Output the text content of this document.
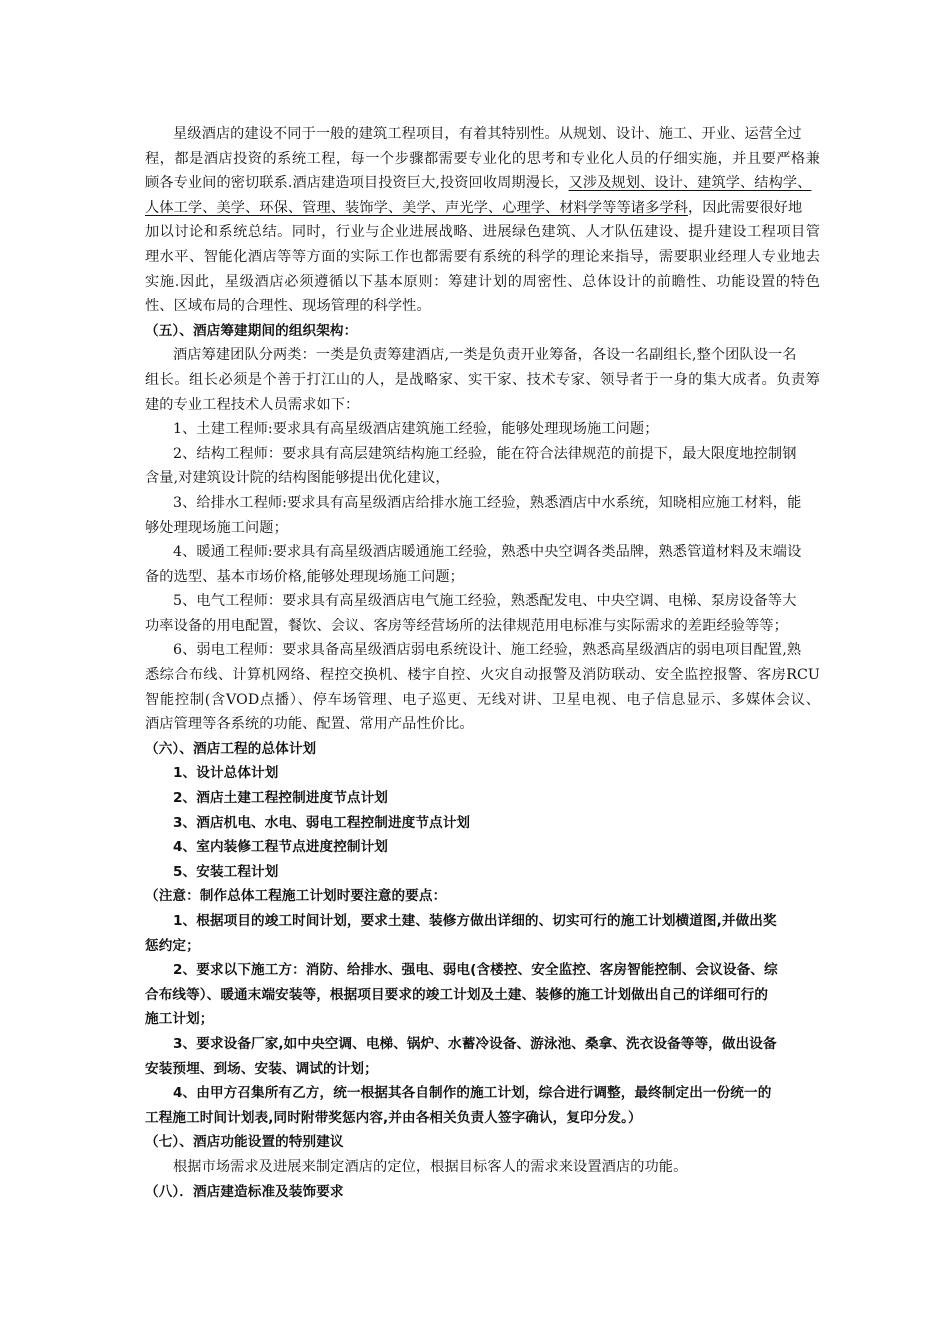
星级酒店的建设不同于一般的建筑工程项目，有着其特别性。从规划、设计、施工、开业、运营全过
程，都是酒店投资的系统工程，每一个步骤都需要专业化的思考和专业化人员的仔细实施，并且要严格兼
顾各专业间的密切联系.酒店建造项目投资巨大,投资回收周期漫长，又涉及规划、设计、建筑学、结构学、
人体工学、美学、环保、管理、装饰学、美学、声光学、心理学、材料学等等诸多学科，因此需要很好地
加以讨论和系统总结。同时，行业与企业进展战略、进展绿色建筑、人才队伍建设、提升建设工程项目管
理水平、智能化酒店等等方面的实际工作也都需要有系统的科学的理论来指导，需要职业经理人专业地去
实施.因此，星级酒店必须遵循以下基本原则：筹建计划的周密性、总体设计的前瞻性、功能设置的特色
性、区域布局的合理性、现场管理的科学性。
（五）、酒店筹建期间的组织架构：
酒店筹建团队分两类：一类是负责筹建酒店,一类是负责开业筹备，各设一名副组长,整个团队设一名
组长。组长必须是个善于打江山的人，是战略家、实干家、技术专家、领导者于一身的集大成者。负责筹
建的专业工程技术人员需求如下：
1、土建工程师:要求具有高星级酒店建筑施工经验，能够处理现场施工问题；
2、结构工程师：要求具有高层建筑结构施工经验，能在符合法律规范的前提下，最大限度地控制钢
含量,对建筑设计院的结构图能够提出优化建议，
3、给排水工程师:要求具有高星级酒店给排水施工经验，熟悉酒店中水系统，知晓相应施工材料，能
够处理现场施工问题；
4、暖通工程师:要求具有高星级酒店暖通施工经验，熟悉中央空调各类品牌，熟悉管道材料及末端设
备的选型、基本市场价格,能够处理现场施工问题；
5、电气工程师：要求具有高星级酒店电气施工经验，熟悉配发电、中央空调、电梯、泵房设备等大
功率设备的用电配置，餐饮、会议、客房等经营场所的法律规范用电标准与实际需求的差距经验等等；
6、弱电工程师：要求具备高星级酒店弱电系统设计、施工经验，熟悉高星级酒店的弱电项目配置,熟
悉综合布线、计算机网络、程控交换机、楼宇自控、火灾自动报警及消防联动、安全监控报警、客房RCU
智能控制(含VOD点播）、停车场管理、电子巡更、无线对讲、卫星电视、电子信息显示、多媒体会议、
酒店管理等各系统的功能、配置、常用产品性价比。
（六）、酒店工程的总体计划
1、设计总体计划
2、酒店土建工程控制进度节点计划
3、酒店机电、水电、弱电工程控制进度节点计划
4、室内装修工程节点进度控制计划
5、安装工程计划
（注意：制作总体工程施工计划时要注意的要点：
1、根据项目的竣工时间计划，要求土建、装修方做出详细的、切实可行的施工计划横道图,并做出奖
惩约定；
2、要求以下施工方：消防、给排水、强电、弱电(含楼控、安全监控、客房智能控制、会议设备、综
合布线等）、暖通末端安装等，根据项目要求的竣工计划及土建、装修的施工计划做出自己的详细可行的
施工计划；
3、要求设备厂家,如中央空调、电梯、锅炉、水蓄冷设备、游泳池、桑拿、洗衣设备等等，做出设备
安装预埋、到场、安装、调试的计划；
4、由甲方召集所有乙方，统一根据其各自制作的施工计划，综合进行调整，最终制定出一份统一的
工程施工时间计划表,同时附带奖惩内容,并由各相关负责人签字确认，复印分发。）
（七）、酒店功能设置的特别建议
根据市场需求及进展来制定酒店的定位，根据目标客人的需求来设置酒店的功能。
（八）．酒店建造标准及装饰要求
